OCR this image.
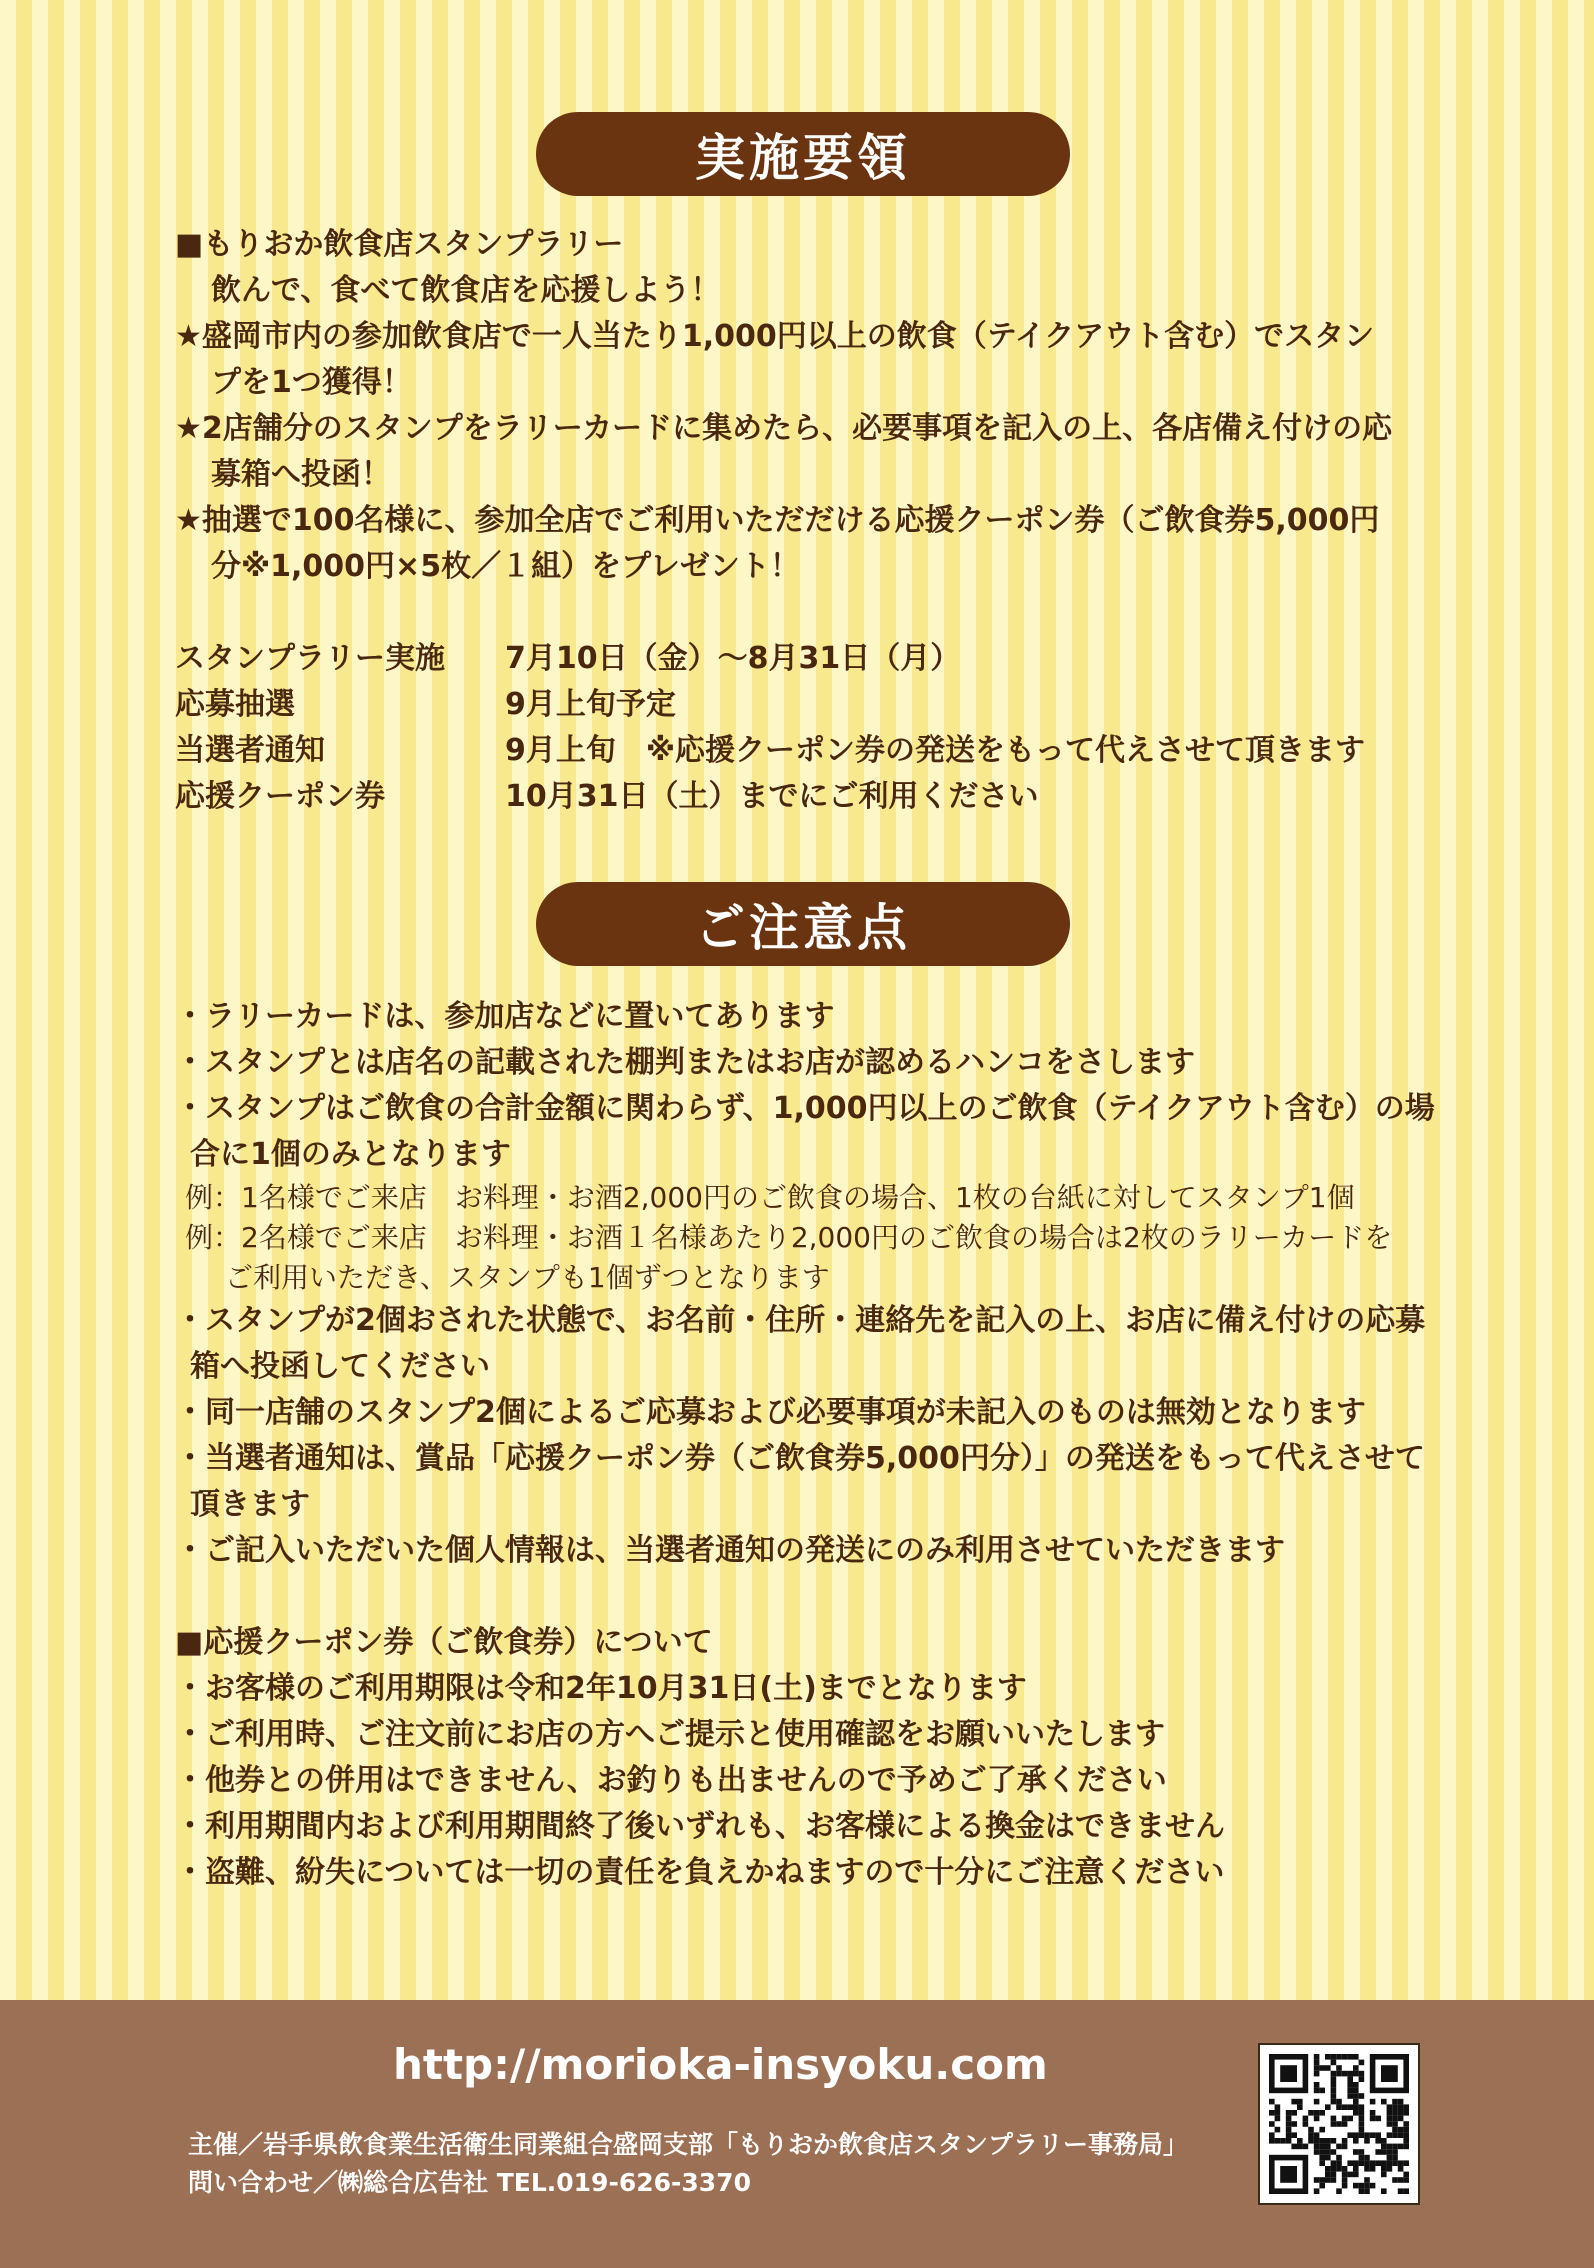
実施要領
■もりおか飲食店スタンプラリー
飲んで、食べて飲食店を応援しよう！
★盛岡市内の参加飲食店で一人当たり1,000円以上の飲食（テイクアウト含む）でスタン
プを1つ獲得！
★2店舗分のスタンプをラリーカードに集めたら、必要事項を記入の上、各店備え付けの応
募箱へ投函！
★抽選で100名様に、参加全店でご利用いただだける応援クーポン券（ご飲食券5,000円
分※1,000円×5枚／１組）をプレゼント！
スタンプラリー実施	7月10日（金）〜8月31日（月）
応募抽選	9月上旬予定
当選者通知	9月上旬　※応援クーポン券の発送をもって代えさせて頂きます
応援クーポン券	10月31日（土）までにご利用ください
ご注意点
・ラリーカードは、参加店などに置いてあります
・スタンプとは店名の記載された棚判またはお店が認めるハンコをさします
・スタンプはご飲食の合計金額に関わらず、1,000円以上のご飲食（テイクアウト含む）の場
合に1個のみとなります
例：1名様でご来店　お料理・お酒2,000円のご飲食の場合、1枚の台紙に対してスタンプ1個
例：2名様でご来店　お料理・お酒１名様あたり2,000円のご飲食の場合は2枚のラリーカードを
ご利用いただき、スタンプも1個ずつとなります
・スタンプが2個おされた状態で、お名前・住所・連絡先を記入の上、お店に備え付けの応募
箱へ投函してください
・同一店舗のスタンプ2個によるご応募および必要事項が未記入のものは無効となります
・当選者通知は、賞品「応援クーポン券（ご飲食券5,000円分）」の発送をもって代えさせて
頂きます
・ご記入いただいた個人情報は、当選者通知の発送にのみ利用させていただきます
■応援クーポン券（ご飲食券）について
・お客様のご利用期限は令和2年10月31日(土)までとなります
・ご利用時、ご注文前にお店の方へご提示と使用確認をお願いいたします
・他券との併用はできません、お釣りも出ませんので予めご了承ください
・利用期間内および利用期間終了後いずれも、お客様による換金はできません
・盗難、紛失については一切の責任を負えかねますので十分にご注意ください
http://morioka-insyoku.com
主催／岩手県飲食業生活衛生同業組合盛岡支部「もりおか飲食店スタンプラリー事務局」
問い合わせ／㈱総合広告社 TEL.019-626-3370
